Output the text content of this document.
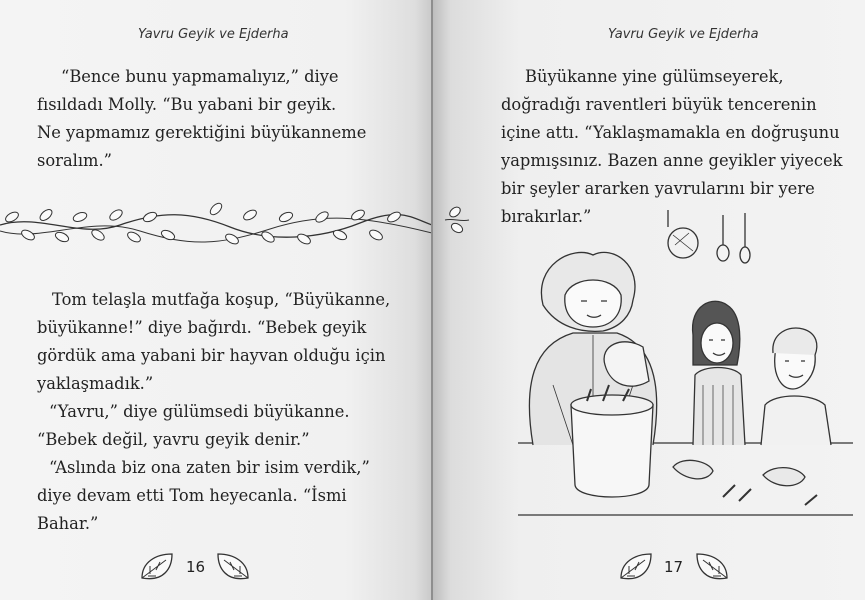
Yavru Geyik ve Ejderha
“Bence bunu yapmamalıyız,” diye
fısıldadı Molly. “Bu yabani bir geyik.
Ne yapmamız gerektiğini büyükanneme
soralım.”
Tom telaşla mutfağa koşup, “Büyükanne,
büyükanne!” diye bağırdı. “Bebek geyik
gördük ama yabani bir hayvan olduğu için
yaklaşmadık.”
“Yavru,” diye gülümsedi büyükanne.
“Bebek değil, yavru geyik denir.”
“Aslında biz ona zaten bir isim verdik,”
diye devam etti Tom heyecanla. “İsmi
Bahar.”
16
Yavru Geyik ve Ejderha
Büyükanne yine gülümseyerek,
doğradığı raventleri büyük tencerenin
içine attı. “Yaklaşmamakla en doğruşunu
yapmışsınız. Bazen anne geyikler yiyecek
bir şeyler ararken yavrularını bir yere
bırakırlar.”
17
